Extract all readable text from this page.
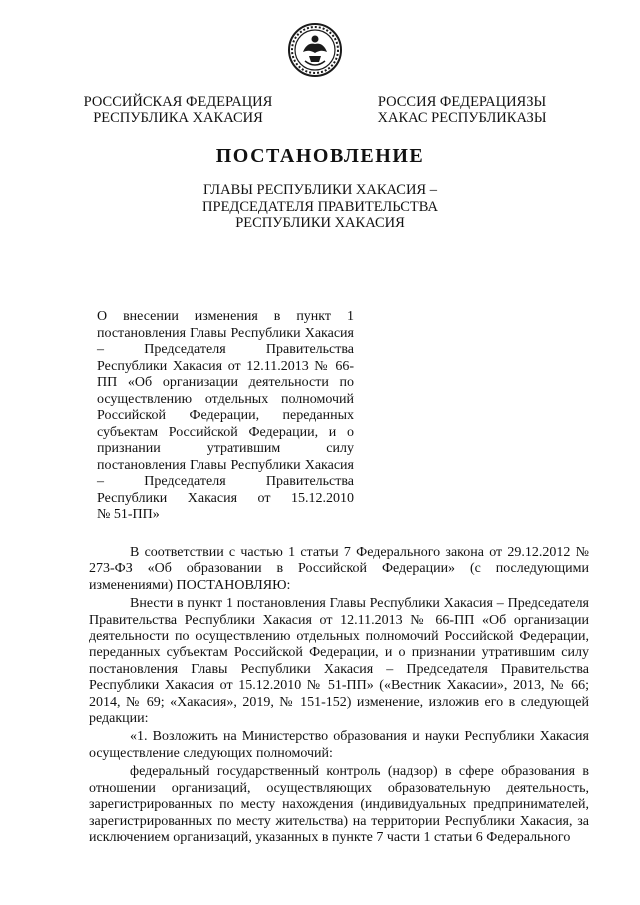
РОССИЙСКАЯ ФЕДЕРАЦИЯ
РЕСПУБЛИКА ХАКАСИЯ
РОССИЯ ФЕДЕРАЦИЯЗЫ
ХАКАС РЕСПУБЛИКАЗЫ
ПОСТАНОВЛЕНИЕ
ГЛАВЫ РЕСПУБЛИКИ ХАКАСИЯ –
ПРЕДСЕДАТЕЛЯ ПРАВИТЕЛЬСТВА
РЕСПУБЛИКИ ХАКАСИЯ
О внесении изменения в пункт 1 постановления Главы Республики Хакасия – Председателя Правительства Республики Хакасия от 12.11.2013 № 66-ПП «Об организации деятельности по осуществлению отдельных полномочий Российской Федерации, переданных субъектам Российской Федерации, и о признании утратившим силу постановления Главы Республики Хакасия – Председателя Правительства Республики Хакасия от 15.12.2010
№ 51-ПП»

В соответствии с частью 1 статьи 7 Федерального закона от 29.12.2012 № 273-ФЗ «Об образовании в Российской Федерации» (с последующими изменениями) ПОСТАНОВЛЯЮ:

Внести в пункт 1 постановления Главы Республики Хакасия – Председателя Правительства Республики Хакасия от 12.11.2013 № 66-ПП «Об организации деятельности по осуществлению отдельных полномочий Российской Федерации, переданных субъектам Российской Федерации, и о признании утратившим силу постановления Главы Республики Хакасия – Председателя Правительства Республики Хакасия от 15.12.2010 № 51-ПП» («Вестник Хакасии», 2013, № 66; 2014, № 69; «Хакасия», 2019, № 151-152) изменение, изложив его в следующей редакции:

«1. Возложить на Министерство образования и науки Республики Хакасия осуществление следующих полномочий:

федеральный государственный контроль (надзор) в сфере образования в отношении организаций, осуществляющих образовательную деятельность, зарегистрированных по месту нахождения (индивидуальных предпринимателей, зарегистрированных по месту жительства) на территории Республики Хакасия, за исключением организаций, указанных в пункте 7 части 1 статьи 6 Федерального
